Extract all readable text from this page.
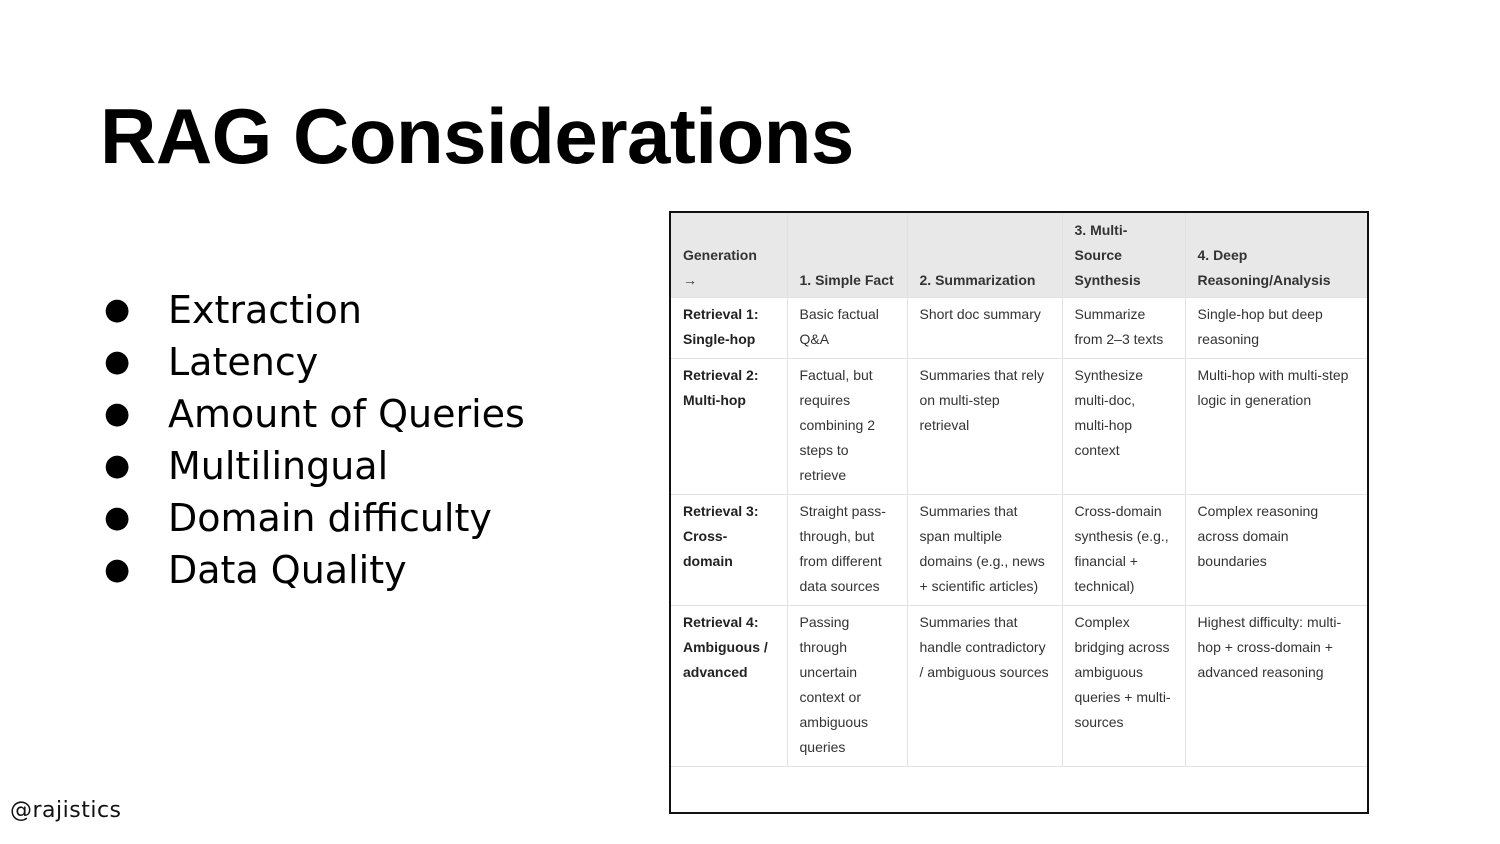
RAG Considerations
● Extraction
● Latency
● Amount of Queries
● Multilingual
● Domain difficulty
● Data Quality
Generation →	1. Simple Fact	2. Summarization	3. Multi-Source Synthesis	4. Deep Reasoning/Analysis
Retrieval 1: Single-hop	Basic factual Q&A	Short doc summary	Summarize from 2–3 texts	Single-hop but deep reasoning
Retrieval 2: Multi-hop	Factual, but requires combining 2 steps to retrieve	Summaries that rely on multi-step retrieval	Synthesize multi-doc, multi-hop context	Multi-hop with multi-step logic in generation
Retrieval 3: Cross-domain	Straight pass-through, but from different data sources	Summaries that span multiple domains (e.g., news + scientific articles)	Cross-domain synthesis (e.g., financial + technical)	Complex reasoning across domain boundaries
Retrieval 4: Ambiguous / advanced	Passing through uncertain context or ambiguous queries	Summaries that handle contradictory / ambiguous sources	Complex bridging across ambiguous queries + multi-sources	Highest difficulty: multi-hop + cross-domain + advanced reasoning
@rajistics
